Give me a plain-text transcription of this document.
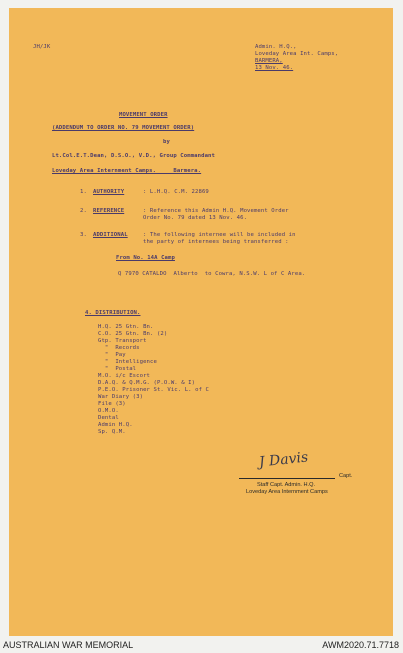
JH/JK	Admin. H.Q.,
Loveday Area Int. Camps,
BARMERA,
13 Nov. 46.
MOVEMENT ORDER
(ADDENDUM TO ORDER NO. 79 MOVEMENT ORDER)
by
Lt.Col.E.T.Dean, D.S.O., V.D., Group Commandant
Loveday Area Internment Camps.     Barmera.
1. AUTHORITY	: L.H.Q. C.M. 22869
2. REFERENCE	: Reference this Admin H.Q. Movement Order
Order No. 79 dated 13 Nov. 46.
3. ADDITIONAL	: The following internee will be included in
the party of internees being transferred :
From No. 14A Camp
Q 7970 CATALDO  Alberto  to Cowra, N.S.W. L of C Area.
4. DISTRIBUTION.
H.Q. 25 Gtn. Bn.
C.O. 25 Gtn. Bn. (2)
Gtp. Transport
"  Records
"  Pay
"  Intelligence
"  Postal
M.O. i/c Escort
D.A.Q. & Q.M.G. (P.O.W. & I)
P.E.O. Prisoner St. Vic. L. of C
War Diary (3)
File (3)
O.M.O.
Dental
Admin H.Q.
Sp. Q.M.
J Davis
Capt.
Staff Capt. Admin. H.Q.
Loveday Area Internment Camps
AUSTRALIAN WAR MEMORIAL	AWM2020.71.7718
